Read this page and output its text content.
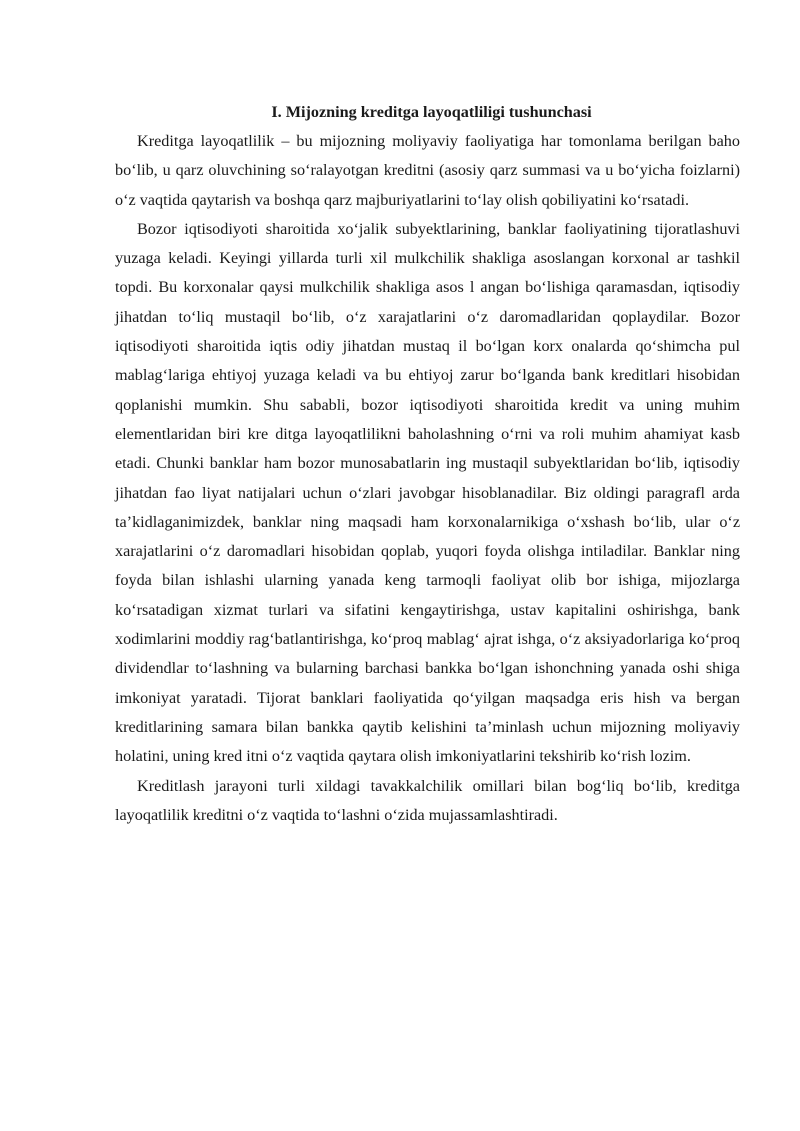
I. Mijozning kreditga layoqatliligi tushunchasi

Kreditga layoqatlilik – bu mijozning moliyaviy faoliyatiga har tomonlama berilgan baho bo‘lib, u qarz oluvchining so‘ralayotgan kreditni (asosiy qarz summasi va u bo‘yicha foizlarni) o‘z vaqtida qaytarish va boshqa qarz majburiyatlarini to‘lay olish qobiliyatini ko‘rsatadi.

Bozor iqtisodiyoti sharoitida xo‘jalik subyektlarining, banklar faoliyatining tijoratlashuvi yuzaga keladi. Keyingi yillarda turli xil mulkchilik shakliga asoslangan korxonal ar tashkil topdi. Bu korxonalar qaysi mulkchilik shakliga asos l angan bo‘lishiga qaramasdan, iqtisodiy jihatdan to‘liq mustaqil bo‘lib, o‘z xarajatlarini o‘z daromadlaridan qoplaydilar. Bozor iqtisodiyoti sharoitida iqtis odiy jihatdan mustaq il bo‘lgan korx onalarda qo‘shimcha pul mablag‘lariga ehtiyoj yuzaga keladi va bu ehtiyoj zarur bo‘lganda bank kreditlari hisobidan qoplanishi mumkin. Shu sababli, bozor iqtisodiyoti sharoitida kredit va uning muhim elementlaridan biri kre ditga layoqatlilikni baholashning o‘rni va roli muhim ahamiyat kasb etadi. Chunki banklar ham bozor munosabatlarin ing mustaqil subyektlaridan bo‘lib, iqtisodiy jihatdan fao liyat natijalari uchun o‘zlari javobgar hisoblanadilar. Biz oldingi paragrafl arda ta’kidlaganimizdek, banklar ning maqsadi ham korxonalarnikiga o‘xshash bo‘lib, ular o‘z xarajatlarini o‘z daromadlari hisobidan qoplab, yuqori foyda olishga intiladilar. Banklar ning foyda bilan ishlashi ularning yanada keng tarmoqli faoliyat olib bor ishiga, mijozlarga ko‘rsatadigan xizmat turlari va sifatini kengaytirishga, ustav kapitalini oshirishga, bank xodimlarini moddiy rag‘batlantirishga, ko‘proq mablag‘ ajrat ishga, o‘z aksiyadorlariga ko‘proq dividendlar to‘lashning va bularning barchasi bankka bo‘lgan ishonchning yanada oshi shiga imkoniyat yaratadi. Tijorat banklari faoliyatida qo‘yilgan maqsadga eris hish va bergan kreditlarining samara bilan bankka qaytib kelishini ta’minlash uchun mijozning moliyaviy holatini, uning kred itni o‘z vaqtida qaytara olish imkoniyatlarini tekshirib ko‘rish lozim.

Kreditlash jarayoni turli xildagi tavakkalchilik omillari bilan bog‘liq bo‘lib, kreditga layoqatlilik kreditni o‘z vaqtida to‘lashni o‘zida mujassamlashtiradi.
